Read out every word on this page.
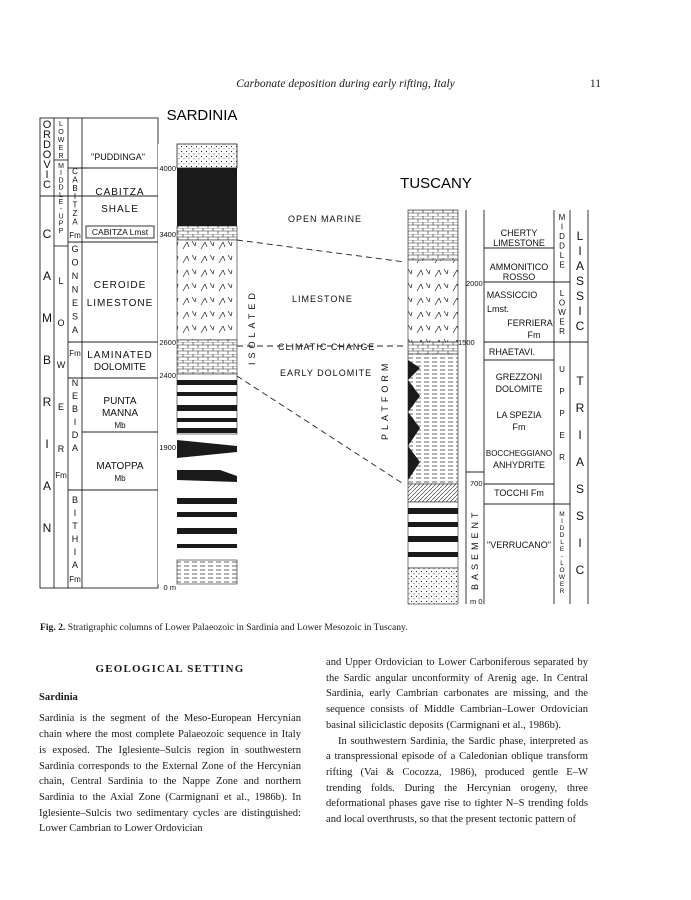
Carbonate deposition during early rifting, Italy	11
SARDINIA
"PUDDINGA"
CABITZA
SHALE
CABITZA Lmst
CEROIDE
LIMESTONE
LAMINATED
DOLOMITE
PUNTA
MANNA
Mb
MATOPPA
Mb
Fm
Fm
Fm
Fm
4000
3400
2600
2400
1900
0 m
OPEN MARINE
LIMESTONE
CLIMATIC CHANGE
EARLY DOLOMITE
ISOLATED
PLATFORM
TUSCANY
2000
1500
700
m 0
BASEMENT
CHERTY
LIMESTONE
AMMONITICO
ROSSO
MASSICCIO
Lmst.
FERRIERA
Fm
RHAETAVI.
GREZZONI
DOLOMITE
LA SPEZIA
Fm
BOCCHEGGIANO
ANHYDRITE
TOCCHI Fm
"VERRUCANO"
O
R
D
O
V
I
C
C
A
M
B
R
I
A
N
L
O
W
E
R
M
I
D
D
L
E
-
U
P
P
L
O
W
E
R
C
A
B
I
T
Z
A
G
O
N
N
E
S
A
N
E
B
I
D
A
B
I
T
H
I
A
M
I
D
D
L
E
L
O
W
E
R
U
P
P
E
R
M
I
D
D
L
E
-
L
O
W
E
R
L
I
A
S
S
I
C
T
R
I
A
S
S
I
C
Fig. 2. Stratigraphic columns of Lower Palaeozoic in Sardinia and Lower Mesozoic in Tuscany.
GEOLOGICAL SETTING
Sardinia

Sardinia is the segment of the Meso-European Hercynian chain where the most complete Palaeozoic sequence in Italy is exposed. The Iglesiente–Sulcis region in southwestern Sardinia corresponds to the External Zone of the Hercynian chain, Central Sardinia to the Nappe Zone and northern Sardinia to the Axial Zone (Carmignani et al., 1986b). In Iglesiente–Sulcis two sedimentary cycles are distinguished: Lower Cambrian to Lower Ordovician

and Upper Ordovician to Lower Carboniferous separated by the Sardic angular unconformity of Arenig age. In Central Sardinia, early Cambrian carbonates are missing, and the sequence consists of Middle Cambrian–Lower Ordovician basinal siliciclastic deposits (Carmignani et al., 1986b).

In southwestern Sardinia, the Sardic phase, interpreted as a transpressional episode of a Caledonian oblique transform rifting (Vai & Cocozza, 1986), produced gentle E–W trending folds. During the Hercynian orogeny, three deformational phases gave rise to tighter N–S trending folds and local overthrusts, so that the present tectonic pattern of
